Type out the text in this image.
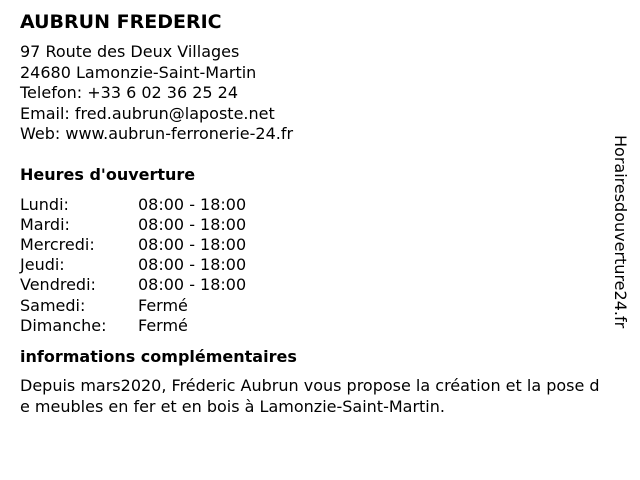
AUBRUN FREDERIC
97 Route des Deux Villages
24680 Lamonzie-Saint-Martin
Telefon: +33 6 02 36 25 24
Email: fred.aubrun@laposte.net
Web: www.aubrun-ferronerie-24.fr
Heures d'ouverture
Lundi:	08:00 - 18:00
Mardi:	08:00 - 18:00
Mercredi:	08:00 - 18:00
Jeudi:	08:00 - 18:00
Vendredi:	08:00 - 18:00
Samedi:	Fermé
Dimanche:	Fermé
informations complémentaires
Depuis mars2020, Fréderic Aubrun vous propose la création et la pose de meubles en fer et en bois à Lamonzie-Saint-Martin.
Horairesdouverture24.fr
